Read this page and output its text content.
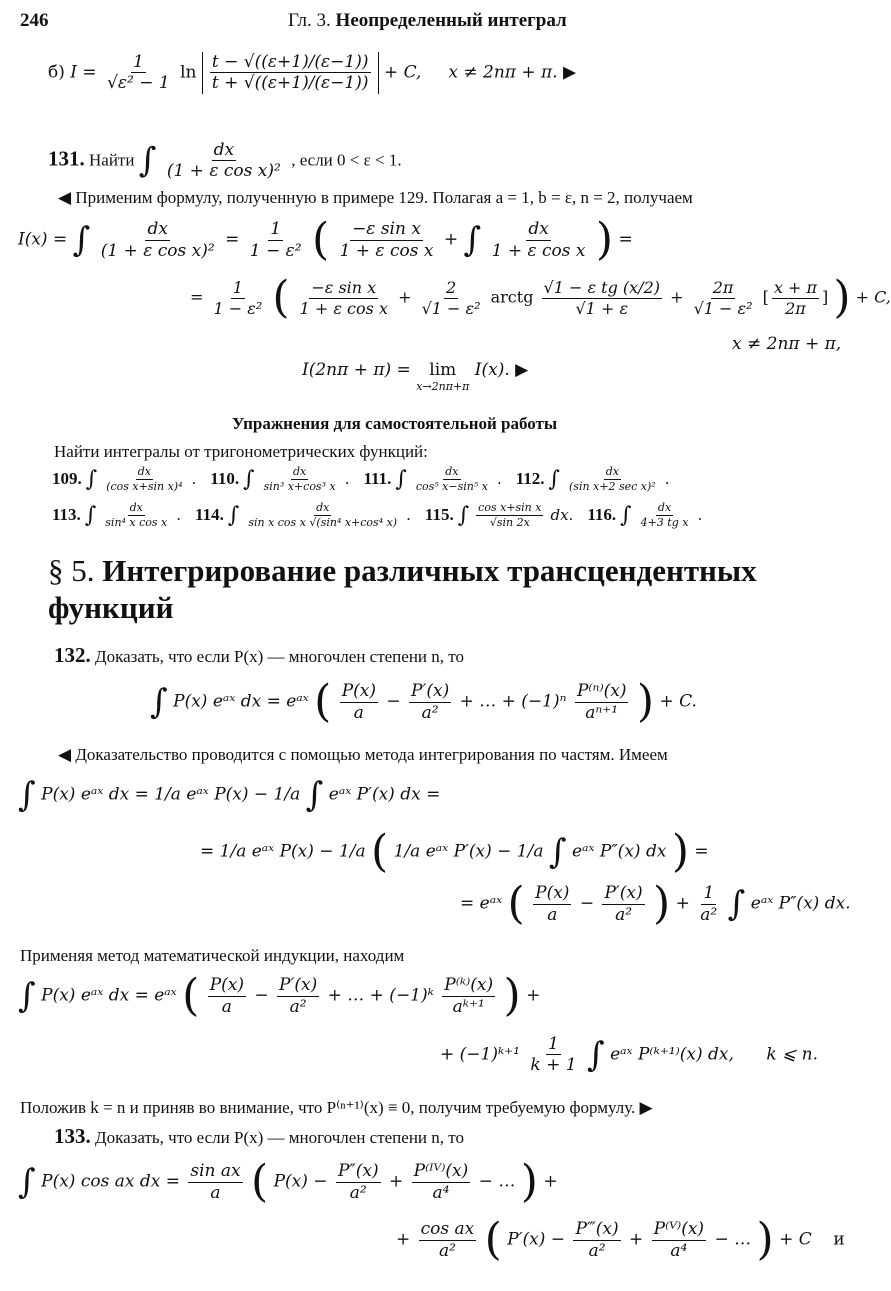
246	Гл. 3. Неопределенный интеграл
б) $I = \frac{1}{\text{√ε² − 1}}$ $\ln \frac{t - √((\varepsilon+1)/(\varepsilon-1))}{t + √((\varepsilon+1)/(\varepsilon-1))} + C$, x ≠ 2nπ + π. ▶
131. Найти ∫ $\frac{dx}{\text{(1 + ε cos x)²}}$ , если 0 < ε < 1.
◀ Применим формулу, полученную в примере 129. Полагая a = 1, b = ε, n = 2, получаем
I(x) = ∫ $\frac{dx}{\text{(1 + ε cos x)²}} = \frac{1}{\text{1 − ε²}}$ ( $\frac{\text{−ε sin x}}{\text{1 + ε cos x}}$ + ∫ $\frac{dx}{\text{1 + ε cos x}}$ ) =
= $\frac{1}{\text{1 − ε²}}$ ( $\frac{\text{−ε sin x}}{\text{1 + ε cos x}} + \frac{2}{\text{√1 − ε²}}$ arctg $\frac{\text{√1 − ε tg (x/2)}}{√1 + \varepsilon} + \frac{2\pi}{\text{√1 − ε²}}$ [ $\frac{x + \pi}{2\pi}$ ] ) + C,
x ≠ 2nπ + π,
I(2nπ + π) = lim
x→2nπ+π
I(x). ▶
Упражнения для самостоятельной работы
Найти интегралы от тригонометрических функций:
109. ∫ $\frac{dx}{\text{(cos x+sin x)⁴}}$ . 110. ∫ $\frac{dx}{\text{sin³ x+cos³ x}}$ . 111. ∫ $\frac{dx}{\text{cos⁵ x−sin⁵ x}}$ . 112. ∫	dx
(sin x+2 sec x)² .
113. ∫ $\frac{dx}{\text{sin⁴ x cos x}}$ . 114. ∫ $\frac{dx}{\text{sin x cos x √(sin⁴ x+cos⁴ x)}}$ . 115. ∫ $\frac{\text{cos x+sin x}}{√\sin 2x}$ dx. 116. ∫ $\frac{dx}{\text{4+3 tg x}}$ .
§ 5. Интегрирование различных трансцендентных функций
132. Доказать, что если P(x) — многочлен степени n, то
∫ P(x) eᵃˣ dx = eᵃˣ ( $\frac{P(x)}{a} - \frac{P'(x)}{\text{a²}}$ + … + $(-1)^n \frac{\text{P⁽ⁿ⁾(x)}}{\text{aⁿ⁺¹}}$ ) + C.
◀ Доказательство проводится с помощью метода интегрирования по частям. Имеем
∫ P(x) eᵃˣ dx = 1/a eᵃˣ P(x) − 1/a ∫ eᵃˣ P′(x) dx =
= 1/a eᵃˣ P(x) − 1/a ( 1/a eᵃˣ P′(x) − 1/a ∫ eᵃˣ P″(x) dx ) =
= eᵃˣ ( $\frac{P(x)}{a} - \frac{P'(x)}{\text{a²}}$ ) + $\frac{1}{\text{a²}}$ ∫ eᵃˣ P″(x) dx.
Применяя метод математической индукции, находим
∫ P(x) eᵃˣ dx = eᵃˣ ( $\frac{P(x)}{a} - \frac{P'(x)}{\text{a²}}$ + … + (−1)ᵏ $\frac{\text{P⁽ᵏ⁾(x)}}{\text{aᵏ⁺¹}}$ ) +
+ (−1)ᵏ⁺¹ $\frac{1}{k + 1}$ ∫ eᵃˣ P⁽ᵏ⁺¹⁾(x) dx, k ⩽ n.
Положив k = n и приняв во внимание, что P⁽ⁿ⁺¹⁾(x) ≡ 0, получим требуемую формулу. ▶
133. Доказать, что если P(x) — многочлен степени n, то
∫ P(x) cos ax dx = $\frac{\text{sin ax}}{a}$ ( $P(x) - \frac{P''(x)}{\text{a²}} + \frac{\text{P⁽ᴵⱽ⁾(x)}}{\text{a⁴}}$ − … ) +
+ $\frac{\text{cos ax}}{\text{a²}}$ ( $P'(x) - \frac{P‴(x)}{\text{a²}} + \frac{\text{P⁽ⱽ⁾(x)}}{\text{a⁴}}$ − … ) + C и
